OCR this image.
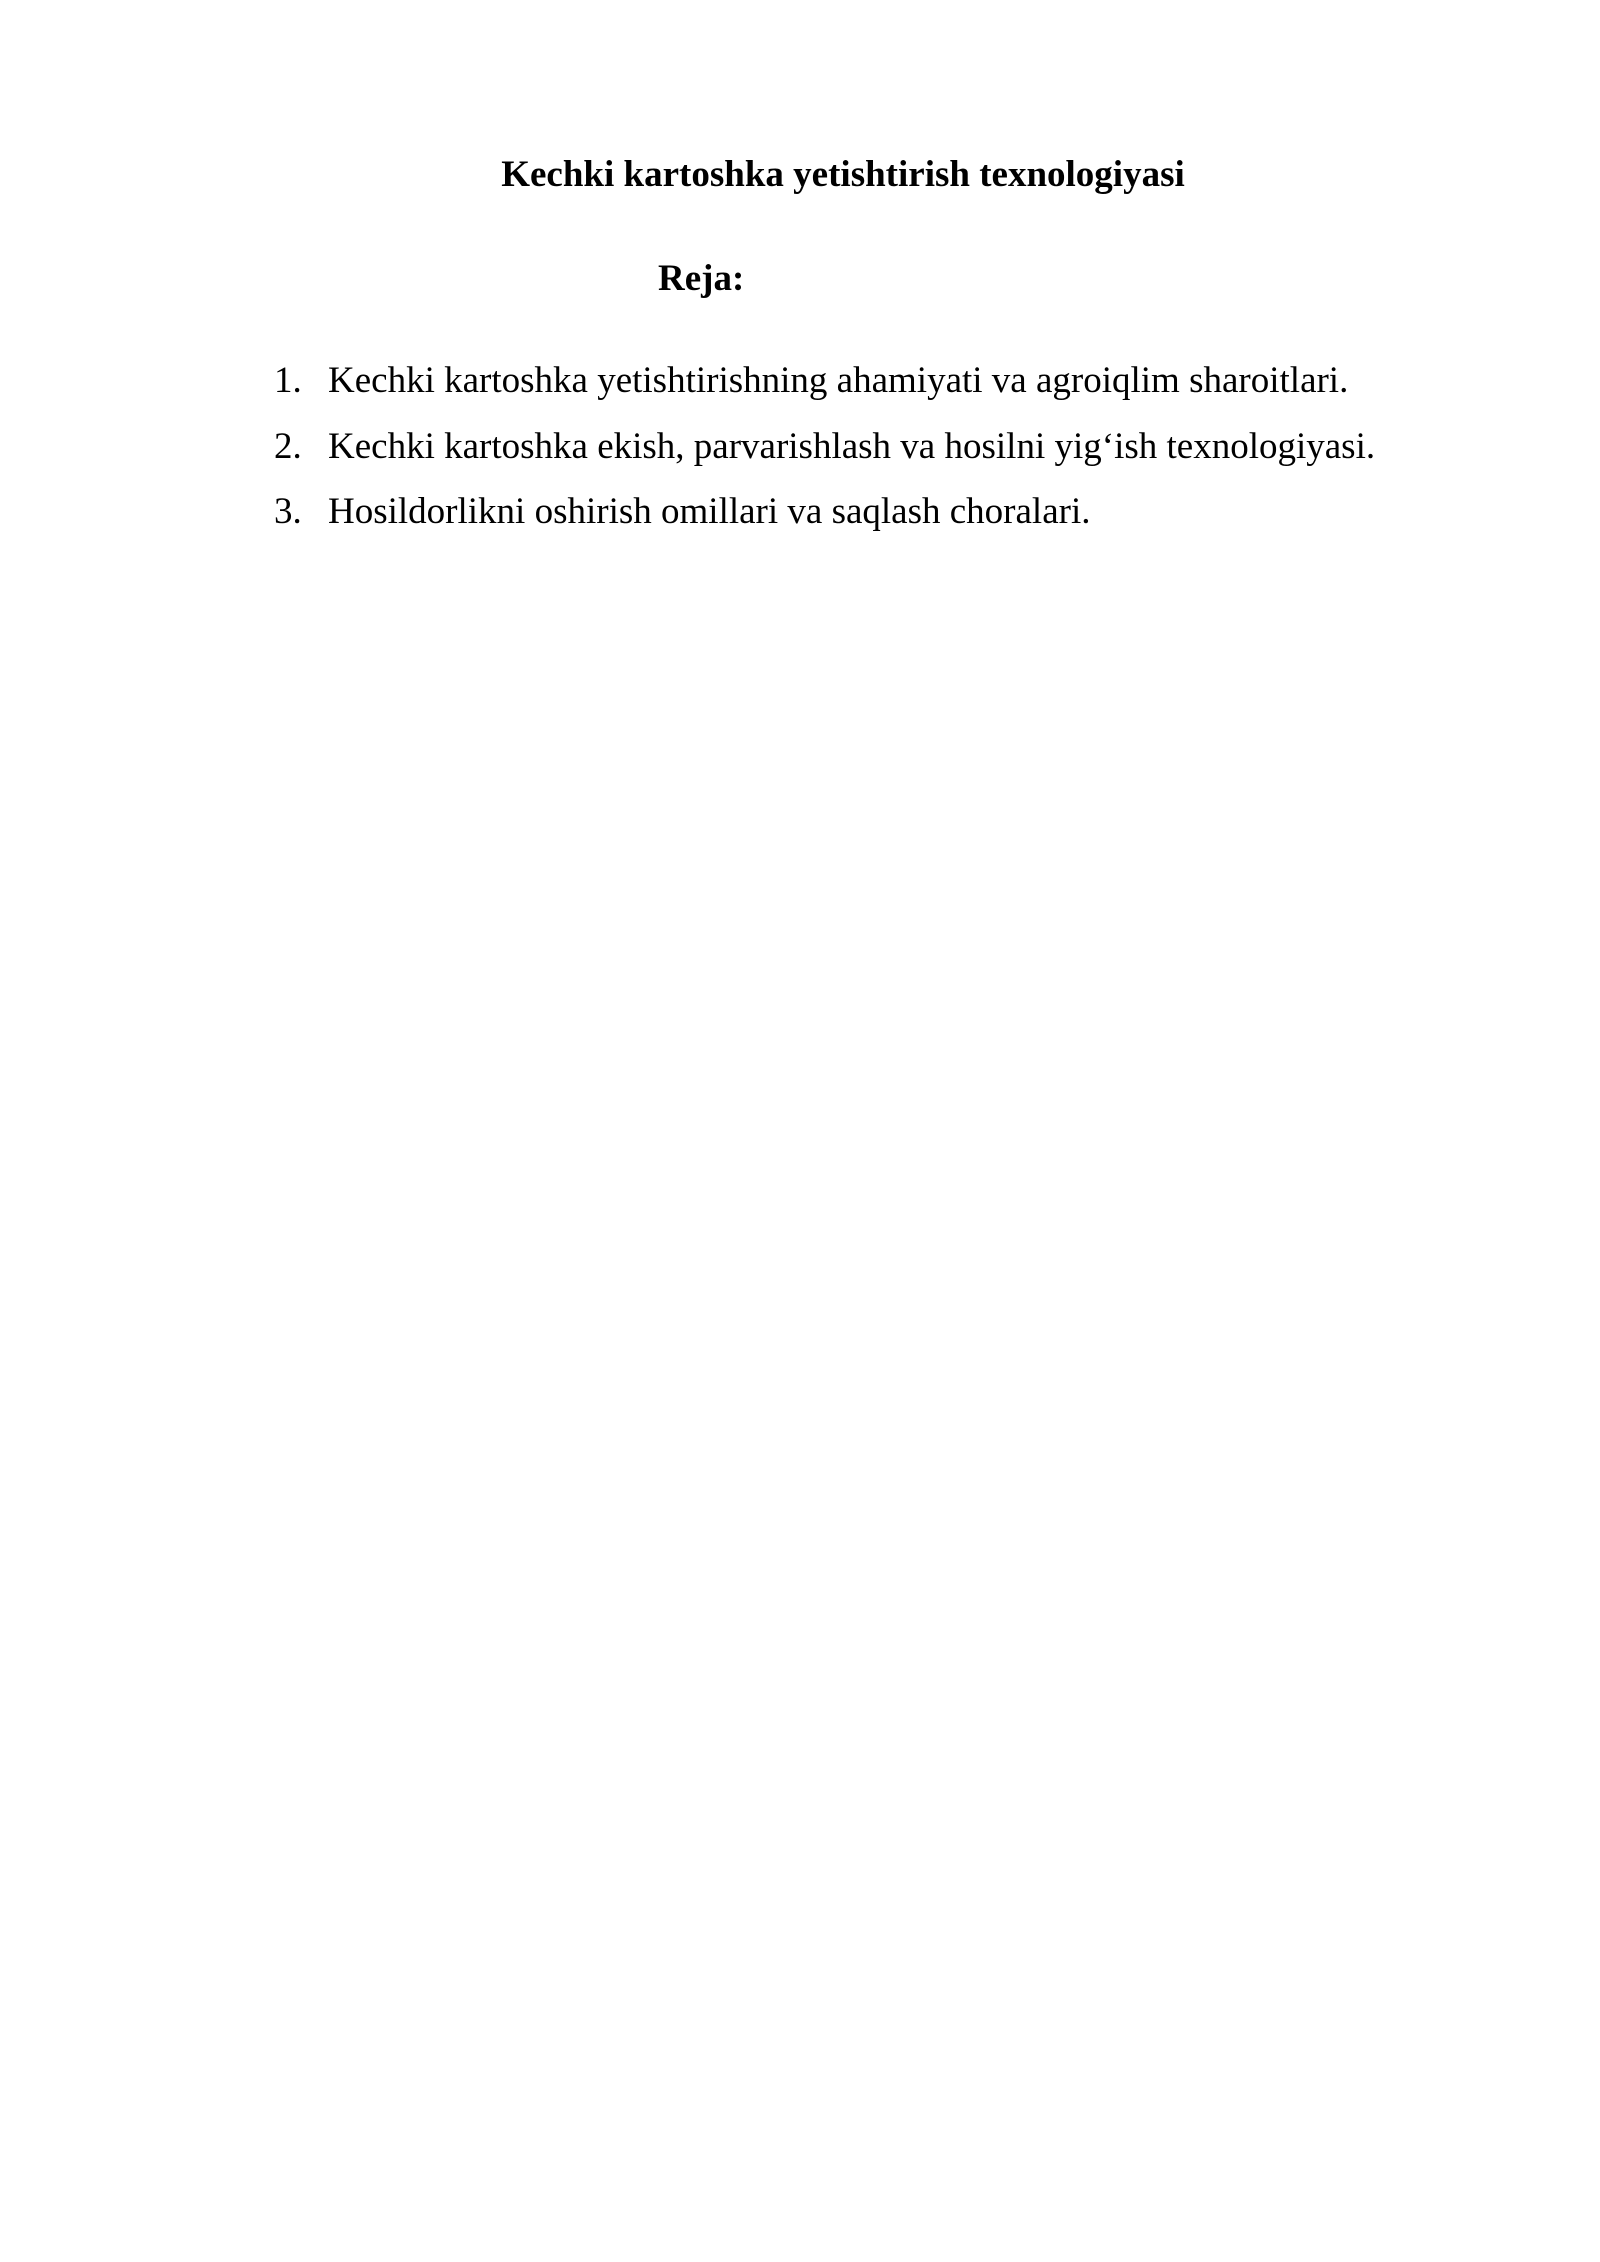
Kechki kartoshka yetishtirish texnologiyasi
Reja:
1. Kechki kartoshka yetishtirishning ahamiyati va agroiqlim sharoitlari.
2. Kechki kartoshka ekish, parvarishlash va hosilni yig‘ish texnologiyasi.
3. Hosildorlikni oshirish omillari va saqlash choralari.
